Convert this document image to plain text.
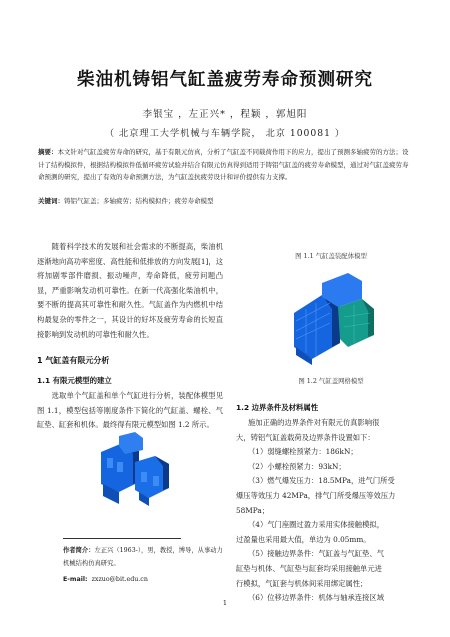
柴油机铸铝气缸盖疲劳寿命预测研究
李银宝 ，左正兴* ，程颖 ，郭旭阳
（ 北京理工大学机械与车辆学院， 北京 100081 ）
摘要：本文针对气缸盖疲劳寿命的研究，基于有限元仿真，分析了气缸盖不同载荷作用下的应力，提出了预测多轴疲劳的方法；设计了结构模拟件，根据结构模拟件低循环疲劳试验并结合有限元仿真得到适用于铸铝气缸盖的疲劳寿命模型，通过对气缸盖疲劳寿命预测的研究，提出了有效的寿命预测方法，为气缸盖抗疲劳设计和评价提供有力支撑。
关键词：铸铝气缸盖；多轴疲劳；结构模拟件；疲劳寿命模型
随着科学技术的发展和社会需求的不断提高，柴油机逐渐地向高功率密度、高性能和低排放的方向发展[1]，这将加剧零部件磨损、振动噪声，寿命降低，疲劳问题凸显，严重影响发动机可靠性。在新一代高强化柴油机中，要不断的提高其可靠性和耐久性。气缸盖作为内燃机中结构最复杂的零件之一，其设计的好坏及疲劳寿命的长短直接影响到发动机的可靠性和耐久性。
1 气缸盖有限元分析
1.1 有限元模型的建立
选取单个气缸盖和单个气缸进行分析，装配体模型见图 1.1，模型包括等刚度条件下简化的气缸盖、螺栓、气缸垫、缸套和机体。最终得有限元模型如图 1.2 所示。
作者简介：左正兴（1963-），男，教授，博导，从事动力机械结构仿真研究。
E-mail: zxzuo@bit.edu.cn
图 1.1 气缸盖装配体模型
图 1.2 气缸盖网格模型
1.2 边界条件及材料属性
施加正确的边界条件对有限元仿真影响很
大，铸铝气缸盖载荷及边界条件设置如下：
（1）弱缝螺栓预紧力：186kN；
（2）小螺栓预紧力：93kN；
（3）燃气爆发压力：18.5MPa，进气门所受
爆压等效压力 42MPa，排气门所受爆压等效压力
58MPa；
（4）气门座圈过盈力采用实体接触模拟，
过盈量也采用最大值，单边为 0.05mm。
（5）接触边界条件：气缸盖与气缸垫、气
缸垫与机体、气缸垫与缸套均采用接触单元进
行模拟，气缸套与机体间采用绑定属性；
（6）位移边界条件：机体与轴承连接区域
1
